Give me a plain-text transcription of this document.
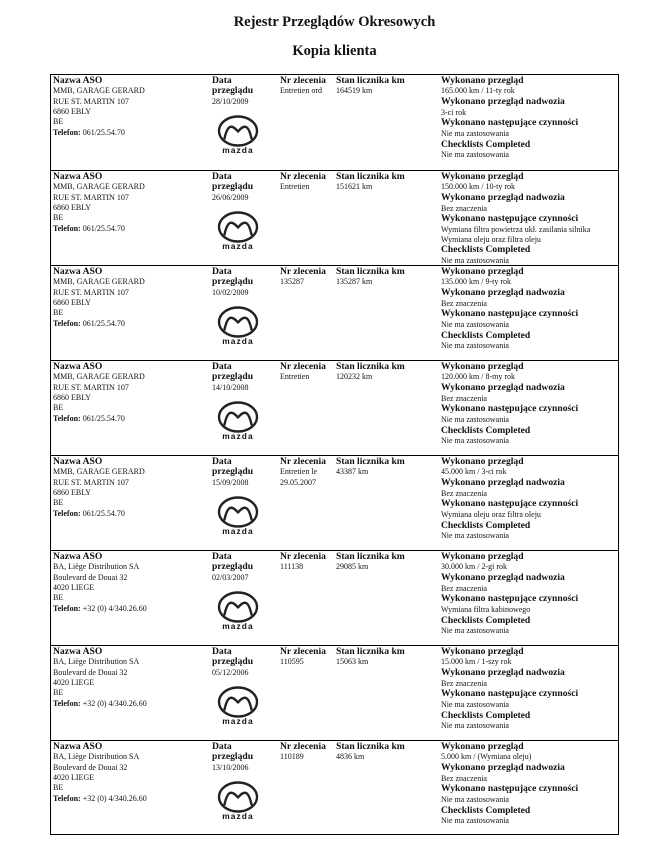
Rejestr Przeglądów Okresowych
Kopia klienta
Nazwa ASO
MMB, GARAGE GERARD
RUE ST. MARTIN 107
6860 EBLY
BE
Telefon: 061/25.54.70
Data
przeglądu
28/10/2009
mazda
Nr zlecenia
Entretien ord
Stan licznika km
164519 km
Wykonano przegląd
165.000 km / 11-ty rok
Wykonano przegląd nadwozia
3-ci rok
Wykonano następujące czynności
Nie ma zastosowania
Checklists Completed
Nie ma zastosowania
Nazwa ASO
MMB, GARAGE GERARD
RUE ST. MARTIN 107
6860 EBLY
BE
Telefon: 061/25.54.70
Data
przeglądu
26/06/2009
mazda
Nr zlecenia
Entretien
Stan licznika km
151621 km
Wykonano przegląd
150.000 km / 10-ty rok
Wykonano przegląd nadwozia
Bez znaczenia
Wykonano następujące czynności
Wymiana filtra powietrza ukł. zasilania silnika
Wymiana oleju oraz filtra oleju
Checklists Completed
Nie ma zastosowania
Nazwa ASO
MMB, GARAGE GERARD
RUE ST. MARTIN 107
6860 EBLY
BE
Telefon: 061/25.54.70
Data
przeglądu
10/02/2009
mazda
Nr zlecenia
135287
Stan licznika km
135287 km
Wykonano przegląd
135.000 km / 9-ty rok
Wykonano przegląd nadwozia
Bez znaczenia
Wykonano następujące czynności
Nie ma zastosowania
Checklists Completed
Nie ma zastosowania
Nazwa ASO
MMB, GARAGE GERARD
RUE ST. MARTIN 107
6860 EBLY
BE
Telefon: 061/25.54.70
Data
przeglądu
14/10/2008
mazda
Nr zlecenia
Entretien
Stan licznika km
120232 km
Wykonano przegląd
120.000 km / 8-my rok
Wykonano przegląd nadwozia
Bez znaczenia
Wykonano następujące czynności
Nie ma zastosowania
Checklists Completed
Nie ma zastosowania
Nazwa ASO
MMB, GARAGE GERARD
RUE ST. MARTIN 107
6860 EBLY
BE
Telefon: 061/25.54.70
Data
przeglądu
15/09/2008
mazda
Nr zlecenia
Entretien le
29.05.2007
Stan licznika km
43387 km
Wykonano przegląd
45.000 km / 3-ci rok
Wykonano przegląd nadwozia
Bez znaczenia
Wykonano następujące czynności
Wymiana oleju oraz filtra oleju
Checklists Completed
Nie ma zastosowania
Nazwa ASO
BA, Liège Distribution SA
Boulevard de Douai 32
4020 LIEGE
BE
Telefon: +32 (0) 4/340.26.60
Data
przeglądu
02/03/2007
mazda
Nr zlecenia
111138
Stan licznika km
29085 km
Wykonano przegląd
30.000 km / 2-gi rok
Wykonano przegląd nadwozia
Bez znaczenia
Wykonano następujące czynności
Wymiana filtra kabinowego
Checklists Completed
Nie ma zastosowania
Nazwa ASO
BA, Liège Distribution SA
Boulevard de Douai 32
4020 LIEGE
BE
Telefon: +32 (0) 4/340.26.60
Data
przeglądu
05/12/2006
mazda
Nr zlecenia
110595
Stan licznika km
15063 km
Wykonano przegląd
15.000 km / 1-szy rok
Wykonano przegląd nadwozia
Bez znaczenia
Wykonano następujące czynności
Nie ma zastosowania
Checklists Completed
Nie ma zastosowania
Nazwa ASO
BA, Liège Distribution SA
Boulevard de Douai 32
4020 LIEGE
BE
Telefon: +32 (0) 4/340.26.60
Data
przeglądu
13/10/2006
mazda
Nr zlecenia
110189
Stan licznika km
4836 km
Wykonano przegląd
5.000 km / (Wymiana oleju)
Wykonano przegląd nadwozia
Bez znaczenia
Wykonano następujące czynności
Nie ma zastosowania
Checklists Completed
Nie ma zastosowania
